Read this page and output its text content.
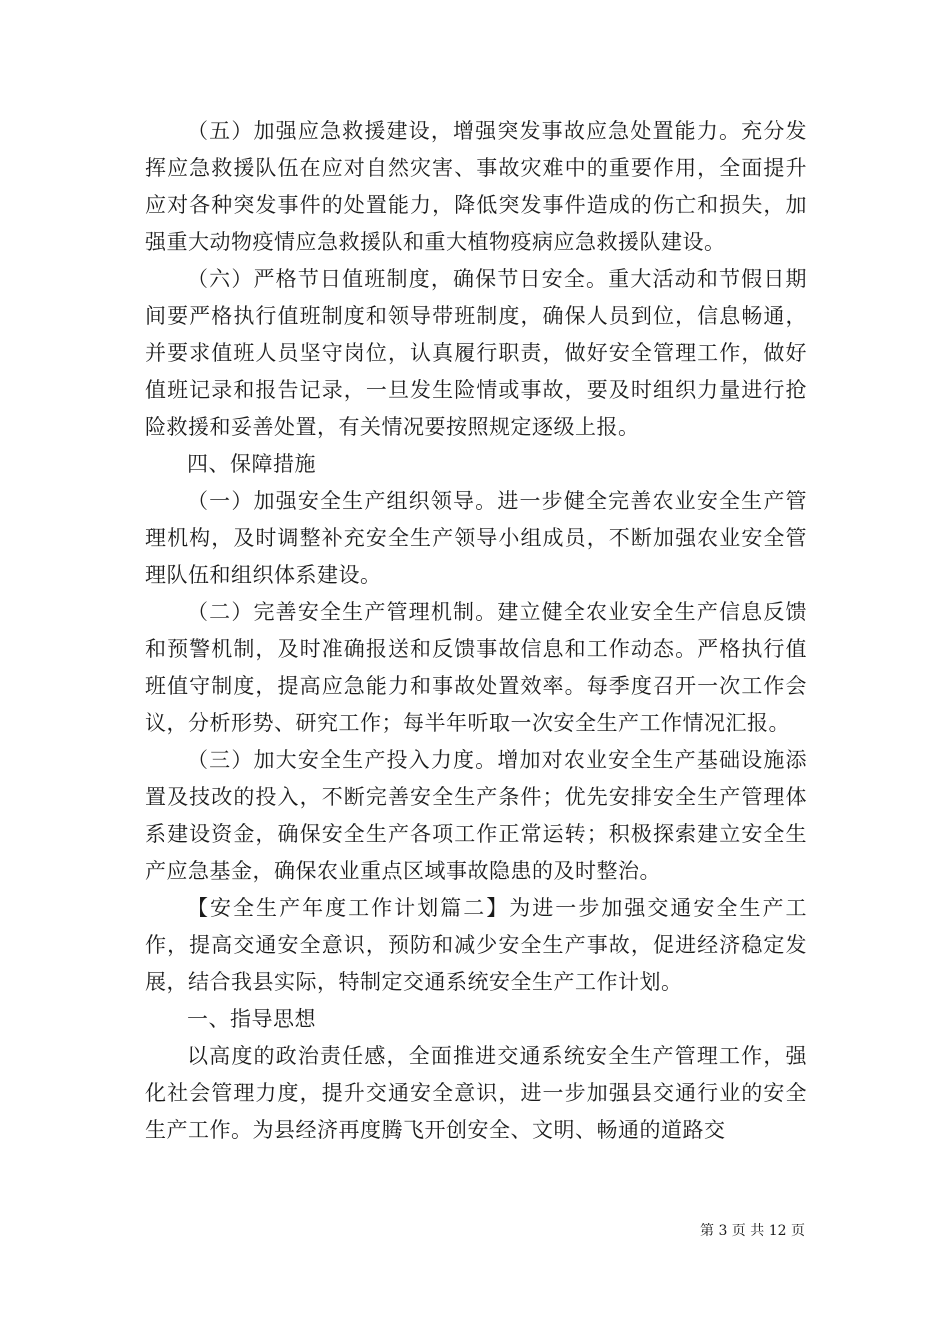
（五）加强应急救援建设，增强突发事故应急处置能力。充分发挥应急救援队伍在应对自然灾害、事故灾难中的重要作用，全面提升应对各种突发事件的处置能力，降低突发事件造成的伤亡和损失，加强重大动物疫情应急救援队和重大植物疫病应急救援队建设。

（六）严格节日值班制度，确保节日安全。重大活动和节假日期间要严格执行值班制度和领导带班制度，确保人员到位，信息畅通，并要求值班人员坚守岗位，认真履行职责，做好安全管理工作，做好值班记录和报告记录，一旦发生险情或事故，要及时组织力量进行抢险救援和妥善处置，有关情况要按照规定逐级上报。

四、保障措施

（一）加强安全生产组织领导。进一步健全完善农业安全生产管理机构，及时调整补充安全生产领导小组成员，不断加强农业安全管理队伍和组织体系建设。

（二）完善安全生产管理机制。建立健全农业安全生产信息反馈和预警机制，及时准确报送和反馈事故信息和工作动态。严格执行值班值守制度，提高应急能力和事故处置效率。每季度召开一次工作会议，分析形势、研究工作；每半年听取一次安全生产工作情况汇报。

（三）加大安全生产投入力度。增加对农业安全生产基础设施添置及技改的投入，不断完善安全生产条件；优先安排安全生产管理体系建设资金，确保安全生产各项工作正常运转；积极探索建立安全生产应急基金，确保农业重点区域事故隐患的及时整治。

【安全生产年度工作计划篇二】为进一步加强交通安全生产工作，提高交通安全意识，预防和减少安全生产事故，促进经济稳定发展，结合我县实际，特制定交通系统安全生产工作计划。

一、指导思想

以高度的政治责任感，全面推进交通系统安全生产管理工作，强化社会管理力度，提升交通安全意识，进一步加强县交通行业的安全生产工作。为县经济再度腾飞开创安全、文明、畅通的道路交

第 3 页 共 12 页
